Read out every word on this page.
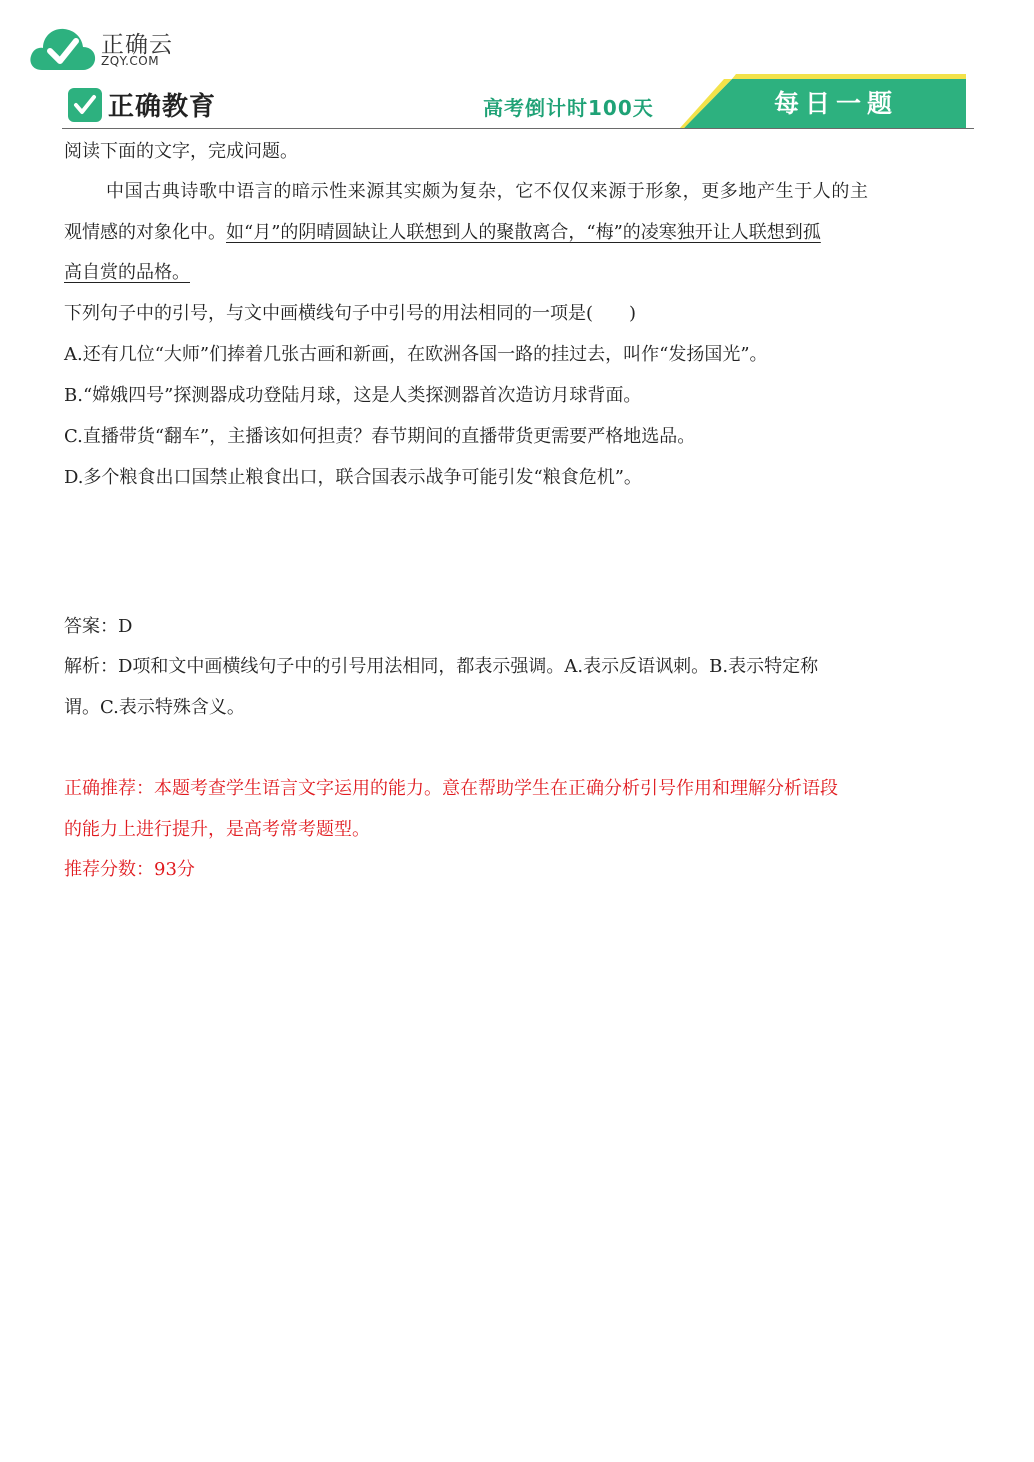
正确云
ZQY.COM
正确教育	高考倒计时100天	每日一题
阅读下面的文字，完成问题。
中国古典诗歌中语言的暗示性来源其实颇为复杂，它不仅仅来源于形象，更多地产生于人的主
观情感的对象化中。如“月”的阴晴圆缺让人联想到人的聚散离合，“梅”的凌寒独开让人联想到孤
高自赏的品格。
下列句子中的引号，与文中画横线句子中引号的用法相同的一项是(　　)
A.还有几位“大师”们捧着几张古画和新画，在欧洲各国一路的挂过去，叫作“发扬国光”。
B.“嫦娥四号”探测器成功登陆月球，这是人类探测器首次造访月球背面。
C.直播带货“翻车”，主播该如何担责？春节期间的直播带货更需要严格地选品。
D.多个粮食出口国禁止粮食出口，联合国表示战争可能引发“粮食危机”。
答案：D
解析：D项和文中画横线句子中的引号用法相同，都表示强调。A.表示反语讽刺。B.表示特定称
谓。C.表示特殊含义。
正确推荐：本题考查学生语言文字运用的能力。意在帮助学生在正确分析引号作用和理解分析语段
的能力上进行提升，是高考常考题型。
推荐分数：93分
